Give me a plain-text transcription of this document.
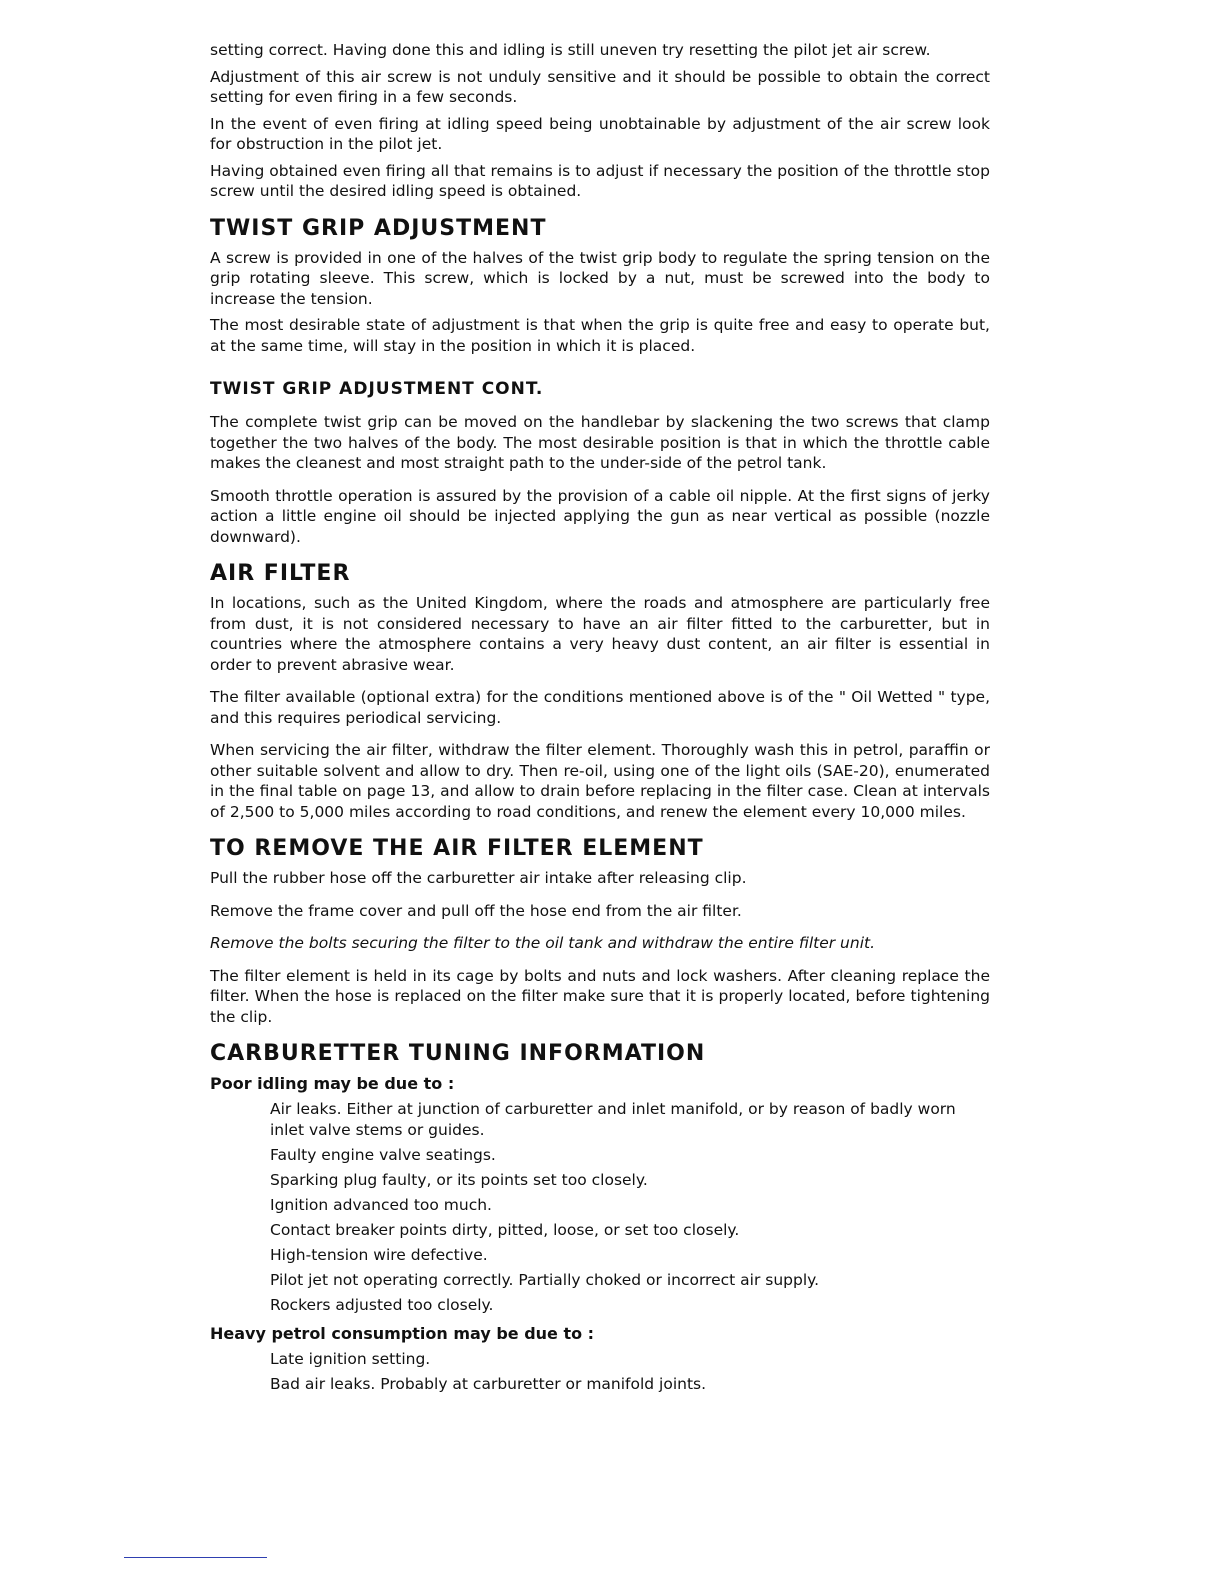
setting correct. Having done this and idling is still uneven try resetting the pilot jet air screw.

Adjustment of this air screw is not unduly sensitive and it should be possible to obtain the correct setting for even firing in a few seconds.

In the event of even firing at idling speed being unobtainable by adjustment of the air screw look for obstruction in the pilot jet.

Having obtained even firing all that remains is to adjust if necessary the position of the throttle stop screw until the desired idling speed is obtained.

TWIST GRIP ADJUSTMENT

A screw is provided in one of the halves of the twist grip body to regulate the spring tension on the grip rotating sleeve. This screw, which is locked by a nut, must be screwed into the body to increase the tension.

The most desirable state of adjustment is that when the grip is quite free and easy to operate but, at the same time, will stay in the position in which it is placed.

TWIST GRIP ADJUSTMENT CONT.

The complete twist grip can be moved on the handlebar by slackening the two screws that clamp together the two halves of the body. The most desirable position is that in which the throttle cable makes the cleanest and most straight path to the under-side of the petrol tank.

Smooth throttle operation is assured by the provision of a cable oil nipple. At the first signs of jerky action a little engine oil should be injected applying the gun as near vertical as possible (nozzle downward).

AIR FILTER

In locations, such as the United Kingdom, where the roads and atmosphere are particularly free from dust, it is not considered necessary to have an air filter fitted to the carburetter, but in countries where the atmosphere contains a very heavy dust content, an air filter is essential in order to prevent abrasive wear.

The filter available (optional extra) for the conditions mentioned above is of the " Oil Wetted " type, and this requires periodical servicing.

When servicing the air filter, withdraw the filter element. Thoroughly wash this in petrol, paraffin or other suitable solvent and allow to dry. Then re-oil, using one of the light oils (SAE-20), enumerated in the final table on page 13, and allow to drain before replacing in the filter case. Clean at intervals of 2,500 to 5,000 miles according to road conditions, and renew the element every 10,000 miles.

TO REMOVE THE AIR FILTER ELEMENT

Pull the rubber hose off the carburetter air intake after releasing clip.

Remove the frame cover and pull off the hose end from the air filter.

Remove the bolts securing the filter to the oil tank and withdraw the entire filter unit.

The filter element is held in its cage by bolts and nuts and lock washers. After cleaning replace the filter. When the hose is replaced on the filter make sure that it is properly located, before tightening the clip.

CARBURETTER TUNING INFORMATION
Poor idling may be due to :
Air leaks. Either at junction of carburetter and inlet manifold, or by reason of badly worn inlet valve stems or guides.
Faulty engine valve seatings.
Sparking plug faulty, or its points set too closely.
Ignition advanced too much.
Contact breaker points dirty, pitted, loose, or set too closely.
High-tension wire defective.
Pilot jet not operating correctly. Partially choked or incorrect air supply.
Rockers adjusted too closely.
Heavy petrol consumption may be due to :
Late ignition setting.
Bad air leaks. Probably at carburetter or manifold joints.
